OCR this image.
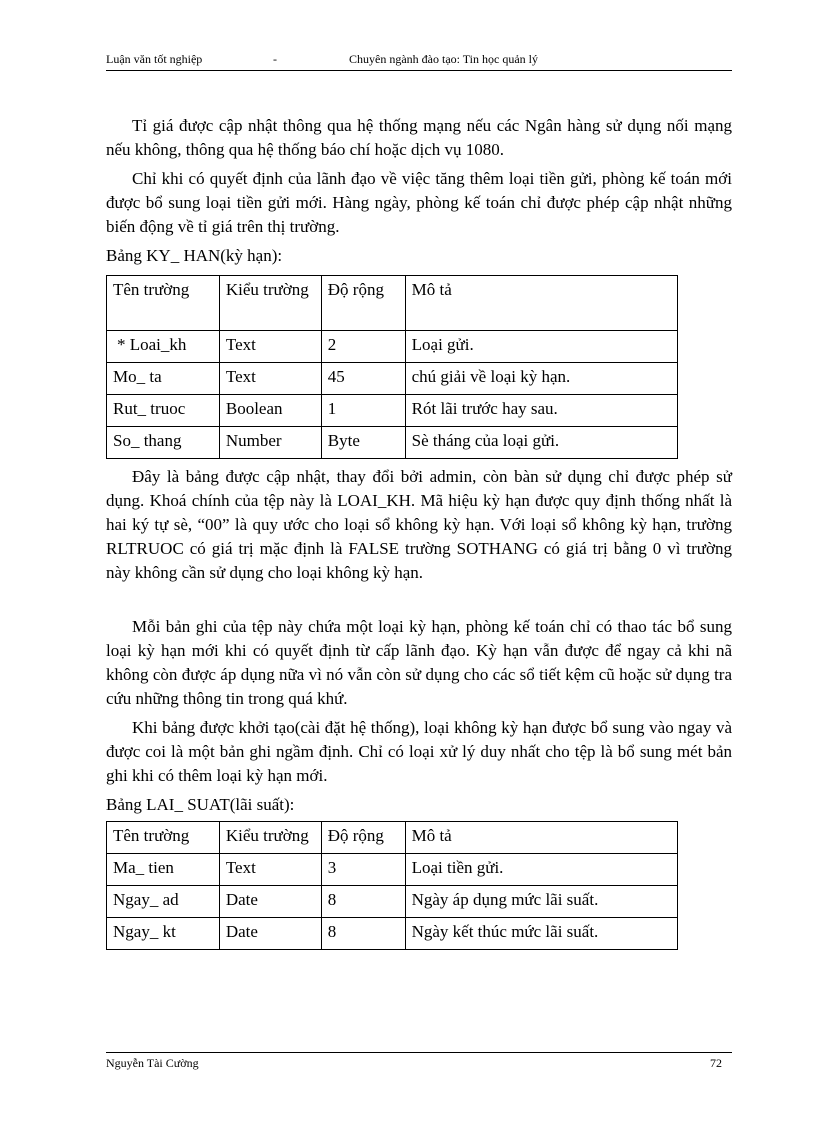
Luận văn tốt nghiệp	-	Chuyên ngành đào tạo: Tin học quản lý

Tỉ giá được cập nhật thông qua hệ thống mạng nếu các Ngân hàng sử dụng nối mạng nếu không, thông qua hệ thống báo chí hoặc dịch vụ 1080.

Chỉ khi có quyết định của lãnh đạo về việc tăng thêm loại tiền gửi, phòng kế toán mới được bổ sung loại tiền gửi mới. Hàng ngày, phòng kế toán chỉ được phép cập nhật những biến động về tỉ giá trên thị trường.

Bảng KY_ HAN(kỳ hạn):
Tên trường	Kiểu trường	Độ rộng	Mô tả
* Loai_kh	Text	2	Loại gửi.
Mo_ ta	Text	45	chú giải về loại kỳ hạn.
Rut_ truoc	Boolean	1	Rót lãi trước hay sau.
So_ thang	Number	Byte	Sè tháng của loại gửi.

Đây là bảng được cập nhật, thay đổi bởi admin, còn bàn sử dụng chỉ được phép sử dụng. Khoá chính của tệp này là LOAI_KH. Mã hiệu kỳ hạn được quy định thống nhất là hai ký tự sè, “00” là quy ước cho loại sổ không kỳ hạn. Với loại sổ không kỳ hạn, trường RLTRUOC có giá trị mặc định là FALSE trường SOTHANG có giá trị bằng 0 vì trường này không cần sử dụng cho loại không kỳ hạn.

Mỗi bản ghi của tệp này chứa một loại kỳ hạn, phòng kế toán chỉ có thao tác bổ sung loại kỳ hạn mới khi có quyết định từ cấp lãnh đạo. Kỳ hạn vẫn được để ngay cả khi nã không còn được áp dụng nữa vì nó vẫn còn sử dụng cho các sổ tiết kệm cũ hoặc sử dụng tra cứu những thông tin trong quá khứ.

Khi bảng được khởi tạo(cài đặt hệ thống), loại không kỳ hạn được bổ sung vào ngay và được coi là một bản ghi ngầm định. Chỉ có loại xử lý duy nhất cho tệp là bổ sung mét bản ghi khi có thêm loại kỳ hạn mới.

Bảng LAI_ SUAT(lãi suất):
Tên trường	Kiểu trường	Độ rộng	Mô tả
Ma_ tien	Text	3	Loại tiền gửi.
Ngay_ ad	Date	8	Ngày áp dụng mức lãi suất.
Ngay_ kt	Date	8	Ngày kết thúc mức lãi suất.
Nguyễn Tài Cường	72
